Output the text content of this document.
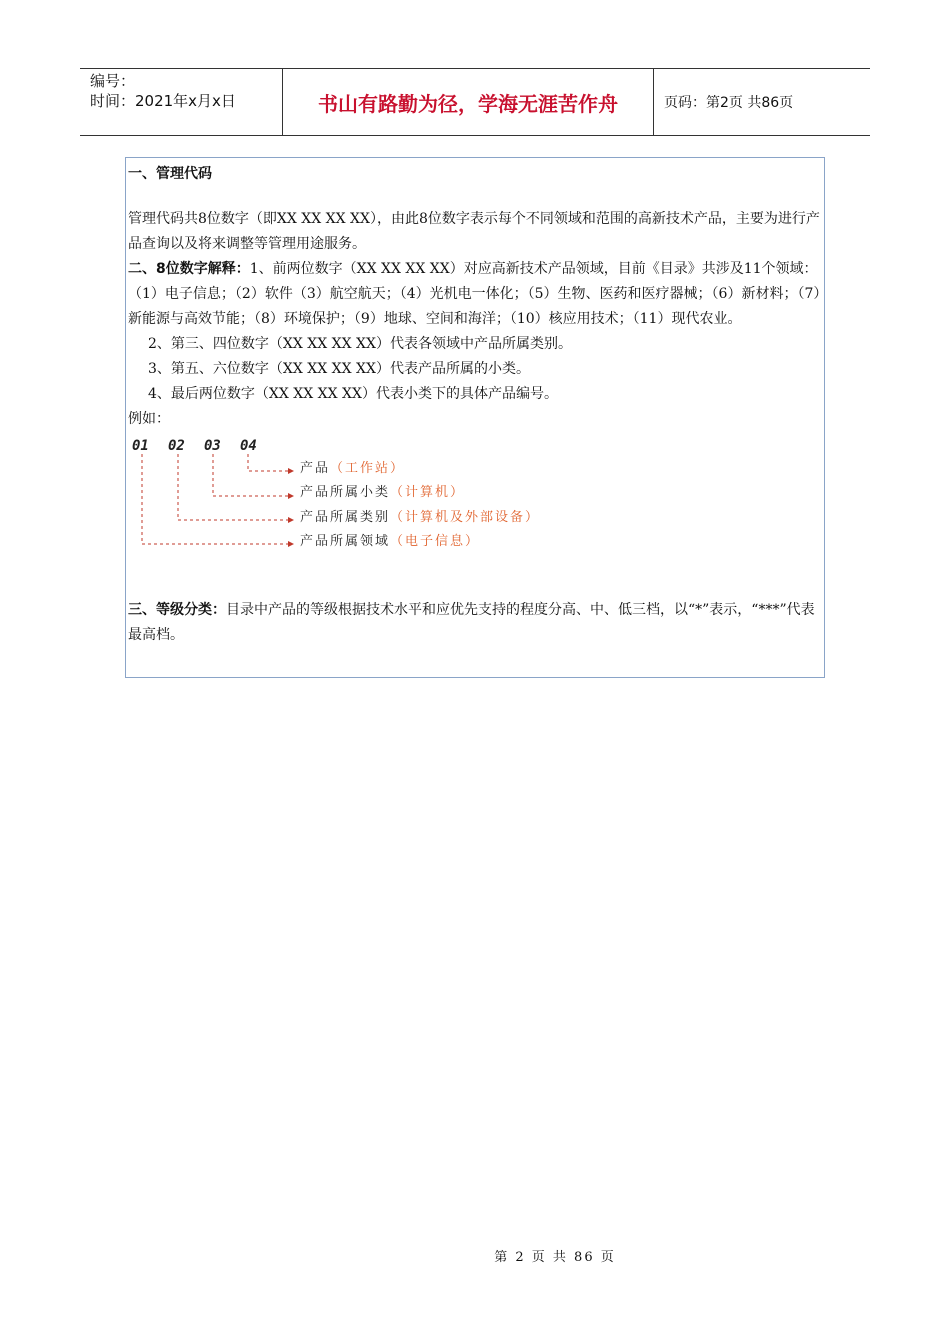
编号：
时间：2021年x月x日	书山有路勤为径，学海无涯苦作舟	页码：第2页 共86页

一、管理代码

管理代码共8位数字（即XX XX XX XX），由此8位数字表示每个不同领域和范围的高新技术产品，主要为进行产品查询以及将来调整等管理用途服务。

二、8位数字解释：1、前两位数字（XX XX XX XX）对应高新技术产品领域，目前《目录》共涉及11个领域：（1）电子信息；（2）软件（3）航空航天；（4）光机电一体化；（5）生物、医药和医疗器械；（6）新材料；（7）新能源与高效节能；（8）环境保护；（9）地球、空间和海洋；（10）核应用技术；（11）现代农业。

2、第三、四位数字（XX XX XX XX）代表各领域中产品所属类别。

3、第五、六位数字（XX XX XX XX）代表产品所属的小类。

4、最后两位数字（XX XX XX XX）代表小类下的具体产品编号。

例如：

01 02 03 04
产品（工作站）
产品所属小类（计算机）
产品所属类别（计算机及外部设备）
产品所属领域（电子信息）

三、等级分类：目录中产品的等级根据技术水平和应优先支持的程度分高、中、低三档，以“*”表示，“***”代表最高档。

第 2 页 共 86 页
